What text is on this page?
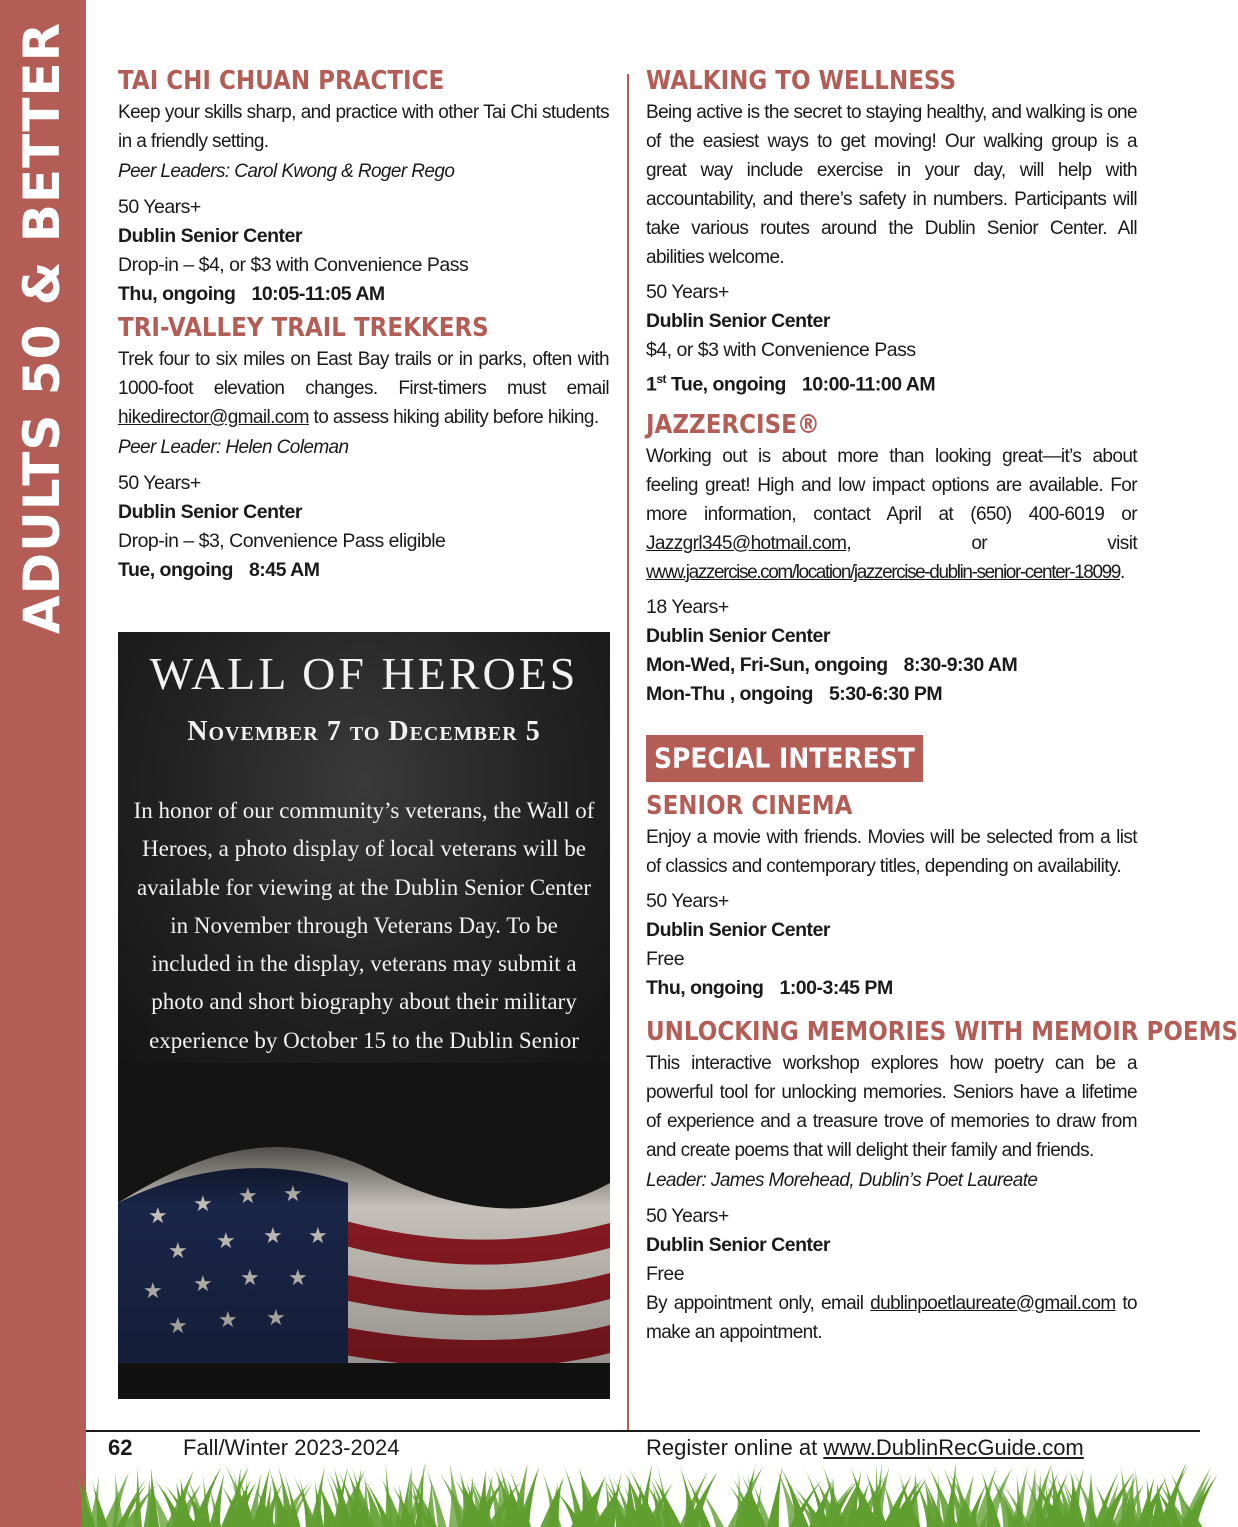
ADULTS 50 & BETTER TAI CHI CHUAN PRACTICE

Keep your skills sharp, and practice with other Tai Chi students in a friendly setting.

Peer Leaders: Carol Kwong & Roger Rego

50 Years+
Dublin Senior Center
Drop-in – $4, or $3 with Convenience Pass
Thu, ongoing 10:05-11:05 AM
TRI-VALLEY TRAIL TREKKERS

Trek four to six miles on East Bay trails or in parks, often with 1000-foot elevation changes. First-timers must email hikedirector@gmail.com to assess hiking ability before hiking.

Peer Leader: Helen Coleman

50 Years+
Dublin Senior Center
Drop-in – $3, Convenience Pass eligible
Tue, ongoing 8:45 AM
WALL OF HEROES
November 7 to December 5

In honor of our community’s veterans, the Wall of Heroes, a photo display of local veterans will be available for viewing at the Dublin Senior Center in November through Veterans Day. To be included in the display, veterans may submit a photo and short biography about their military experience by October 15 to the Dublin Senior

WALKING TO WELLNESS

Being active is the secret to staying healthy, and walking is one of the easiest ways to get moving! Our walking group is a great way include exercise in your day, will help with accountability, and there’s safety in numbers. Participants will take various routes around the Dublin Senior Center. All abilities welcome.

50 Years+
Dublin Senior Center
$4, or $3 with Convenience Pass
1st Tue, ongoing 10:00-11:00 AM
JAZZERCISE®

Working out is about more than looking great—it’s about feeling great! High and low impact options are available. For more information, contact April at (650) 400-6019 or Jazzgrl345@hotmail.com, or visit www.jazzercise.com/location/jazzercise-dublin-senior-center-18099.

18 Years+
Dublin Senior Center
Mon-Wed, Fri-Sun, ongoing 8:30-9:30 AM
Mon-Thu , ongoing 5:30-6:30 PM
SPECIAL INTEREST
SENIOR CINEMA

Enjoy a movie with friends. Movies will be selected from a list of classics and contemporary titles, depending on availability.

50 Years+
Dublin Senior Center
Free
Thu, ongoing 1:00-3:45 PM
UNLOCKING MEMORIES WITH MEMOIR POEMS

This interactive workshop explores how poetry can be a powerful tool for unlocking memories. Seniors have a lifetime of experience and a treasure trove of memories to draw from and create poems that will delight their family and friends.

Leader: James Morehead, Dublin’s Poet Laureate

50 Years+
Dublin Senior Center
Free

By appointment only, email dublinpoetlaureate@gmail.com to make an appointment.

62 Fall/Winter 2023-2024	Register online at www.DublinRecGuide.com
